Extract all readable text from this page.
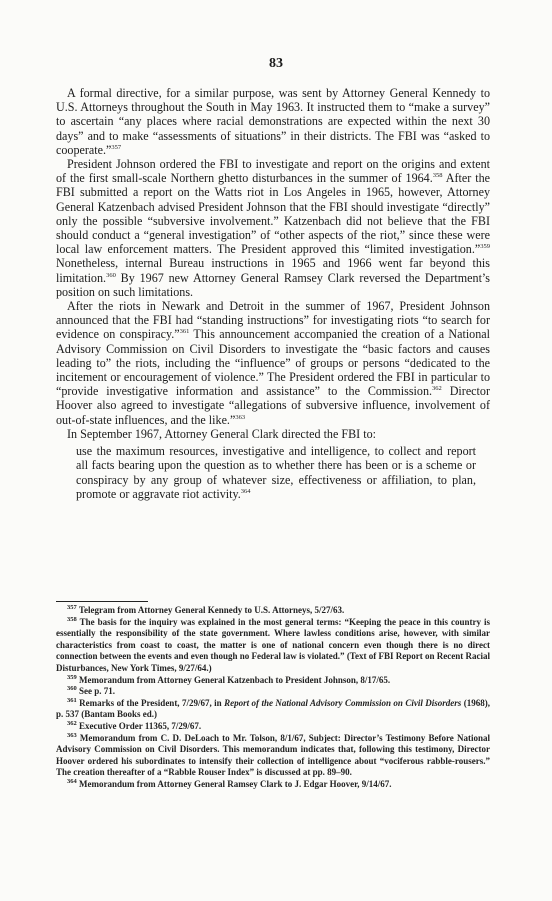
83

A formal directive, for a similar purpose, was sent by Attorney General Kennedy to U.S. Attorneys throughout the South in May 1963. It instructed them to “make a survey” to ascertain “any places where racial demonstrations are expected within the next 30 days” and to make “assessments of situations” in their districts. The FBI was “asked to cooperate.”$^{357}$

President Johnson ordered the FBI to investigate and report on the origins and extent of the first small-scale Northern ghetto disturbances in the summer of 1964.$^{358}$ After the FBI submitted a report on the Watts riot in Los Angeles in 1965, however, Attorney General Katzenbach advised President Johnson that the FBI should investigate “directly” only the possible “subversive involvement.” Katzenbach did not believe that the FBI should conduct a “general investigation” of “other aspects of the riot,” since these were local law enforcement matters. The President approved this “limited investigation.”$^{359}$ Nonetheless, internal Bureau instructions in 1965 and 1966 went far beyond this limitation.$^{360}$ By 1967 new Attorney General Ramsey Clark reversed the Department’s position on such limitations.

After the riots in Newark and Detroit in the summer of 1967, President Johnson announced that the FBI had “standing instructions” for investigating riots “to search for evidence on conspiracy.”$^{361}$ This announcement accompanied the creation of a National Advisory Commission on Civil Disorders to investigate the “basic factors and causes leading to” the riots, including the “influence” of groups or persons “dedicated to the incitement or encouragement of violence.” The President ordered the FBI in particular to “provide investigative information and assistance” to the Commission.$^{362}$ Director Hoover also agreed to investigate “allegations of subversive influence, involvement of out-of-state influences, and the like.”$^{363}$

In September 1967, Attorney General Clark directed the FBI to:

use the maximum resources, investigative and intelligence, to collect and report all facts bearing upon the question as to whether there has been or is a scheme or conspiracy by any group of whatever size, effectiveness or affiliation, to plan, promote or aggravate riot activity.$^{364}$

$^{357}$ Telegram from Attorney General Kennedy to U.S. Attorneys, 5/27/63.

$^{358}$ The basis for the inquiry was explained in the most general terms: “Keeping the peace in this country is essentially the responsibility of the state government. Where lawless conditions arise, however, with similar characteristics from coast to coast, the matter is one of national concern even though there is no direct connection between the events and even though no Federal law is violated.” (Text of FBI Report on Recent Racial Disturbances, New York Times, 9/27/64.)

$^{359}$ Memorandum from Attorney General Katzenbach to President Johnson, 8/17/65.

$^{360}$ See p. 71.

$^{361}$ Remarks of the President, 7/29/67, in Report of the National Advisory Commission on Civil Disorders (1968), p. 537 (Bantam Books ed.)

$^{362}$ Executive Order 11365, 7/29/67.

$^{363}$ Memorandum from C. D. DeLoach to Mr. Tolson, 8/1/67, Subject: Director’s Testimony Before National Advisory Commission on Civil Disorders. This memorandum indicates that, following this testimony, Director Hoover ordered his subordinates to intensify their collection of intelligence about “vociferous rabble-rousers.” The creation thereafter of a “Rabble Rouser Index” is discussed at pp. 89–90.

$^{364}$ Memorandum from Attorney General Ramsey Clark to J. Edgar Hoover, 9/14/67.
